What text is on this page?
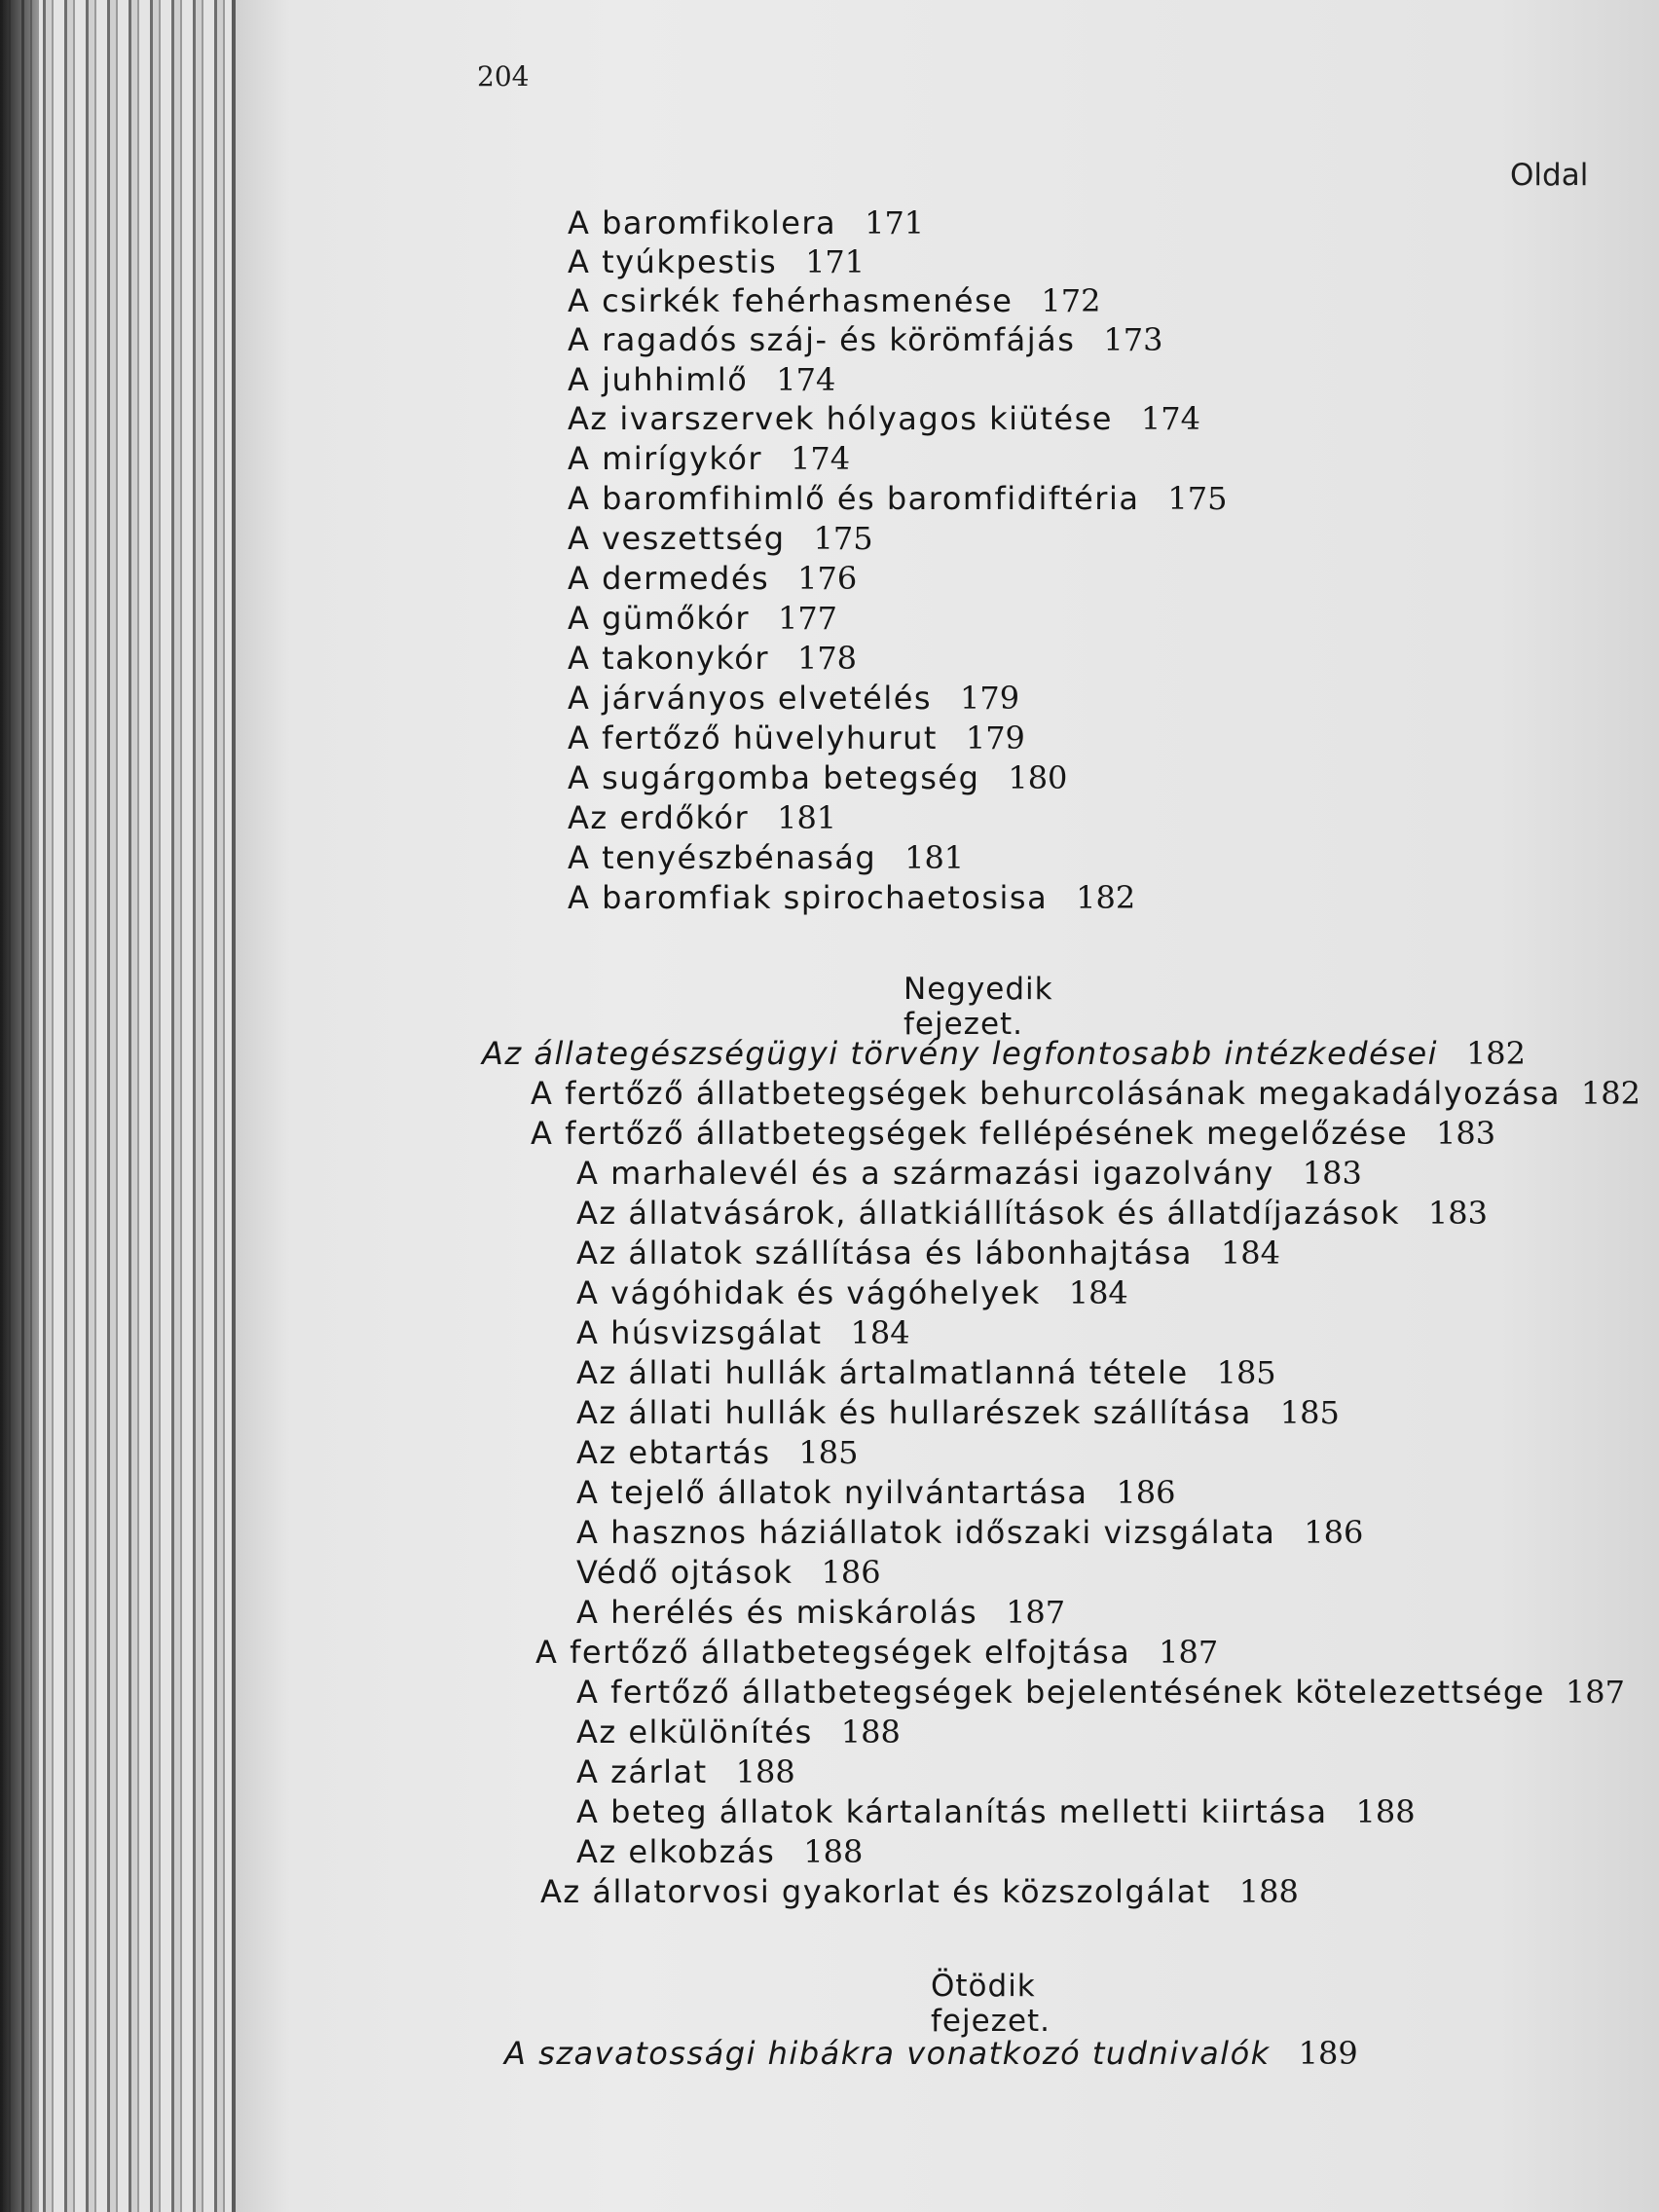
204
Oldal
A baromfikolera 171
A tyúkpestis 171
A csirkék fehérhasmenése 172
A ragadós száj- és körömfájás 173
A juhhimlő 174
Az ivarszervek hólyagos kiütése 174
A mirígykór 174
A baromfihimlő és baromfidiftéria 175
A veszettség 175
A dermedés 176
A gümőkór 177
A takonykór 178
A járványos elvetélés 179
A fertőző hüvelyhurut 179
A sugárgomba betegség 180
Az erdőkór 181
A tenyészbénaság 181
A baromfiak spirochaetosisa 182
Negyedik fejezet.
Az állategészségügyi törvény legfontosabb intézkedései 182
A fertőző állatbetegségek behurcolásának megakadályozása 182
A fertőző állatbetegségek fellépésének megelőzése 183
A marhalevél és a származási igazolvány 183
Az állatvásárok, állatkiállítások és állatdíjazások 183
Az állatok szállítása és lábonhajtása 184
A vágóhidak és vágóhelyek 184
A húsvizsgálat 184
Az állati hullák ártalmatlanná tétele 185
Az állati hullák és hullarészek szállítása 185
Az ebtartás 185
A tejelő állatok nyilvántartása 186
A hasznos háziállatok időszaki vizsgálata 186
Védő ojtások 186
A herélés és miskárolás 187
A fertőző állatbetegségek elfojtása 187
A fertőző állatbetegségek bejelentésének kötelezettsége 187
Az elkülönítés 188
A zárlat 188
A beteg állatok kártalanítás melletti kiirtása 188
Az elkobzás 188
Az állatorvosi gyakorlat és közszolgálat 188
Ötödik fejezet.
A szavatossági hibákra vonatkozó tudnivalók 189
